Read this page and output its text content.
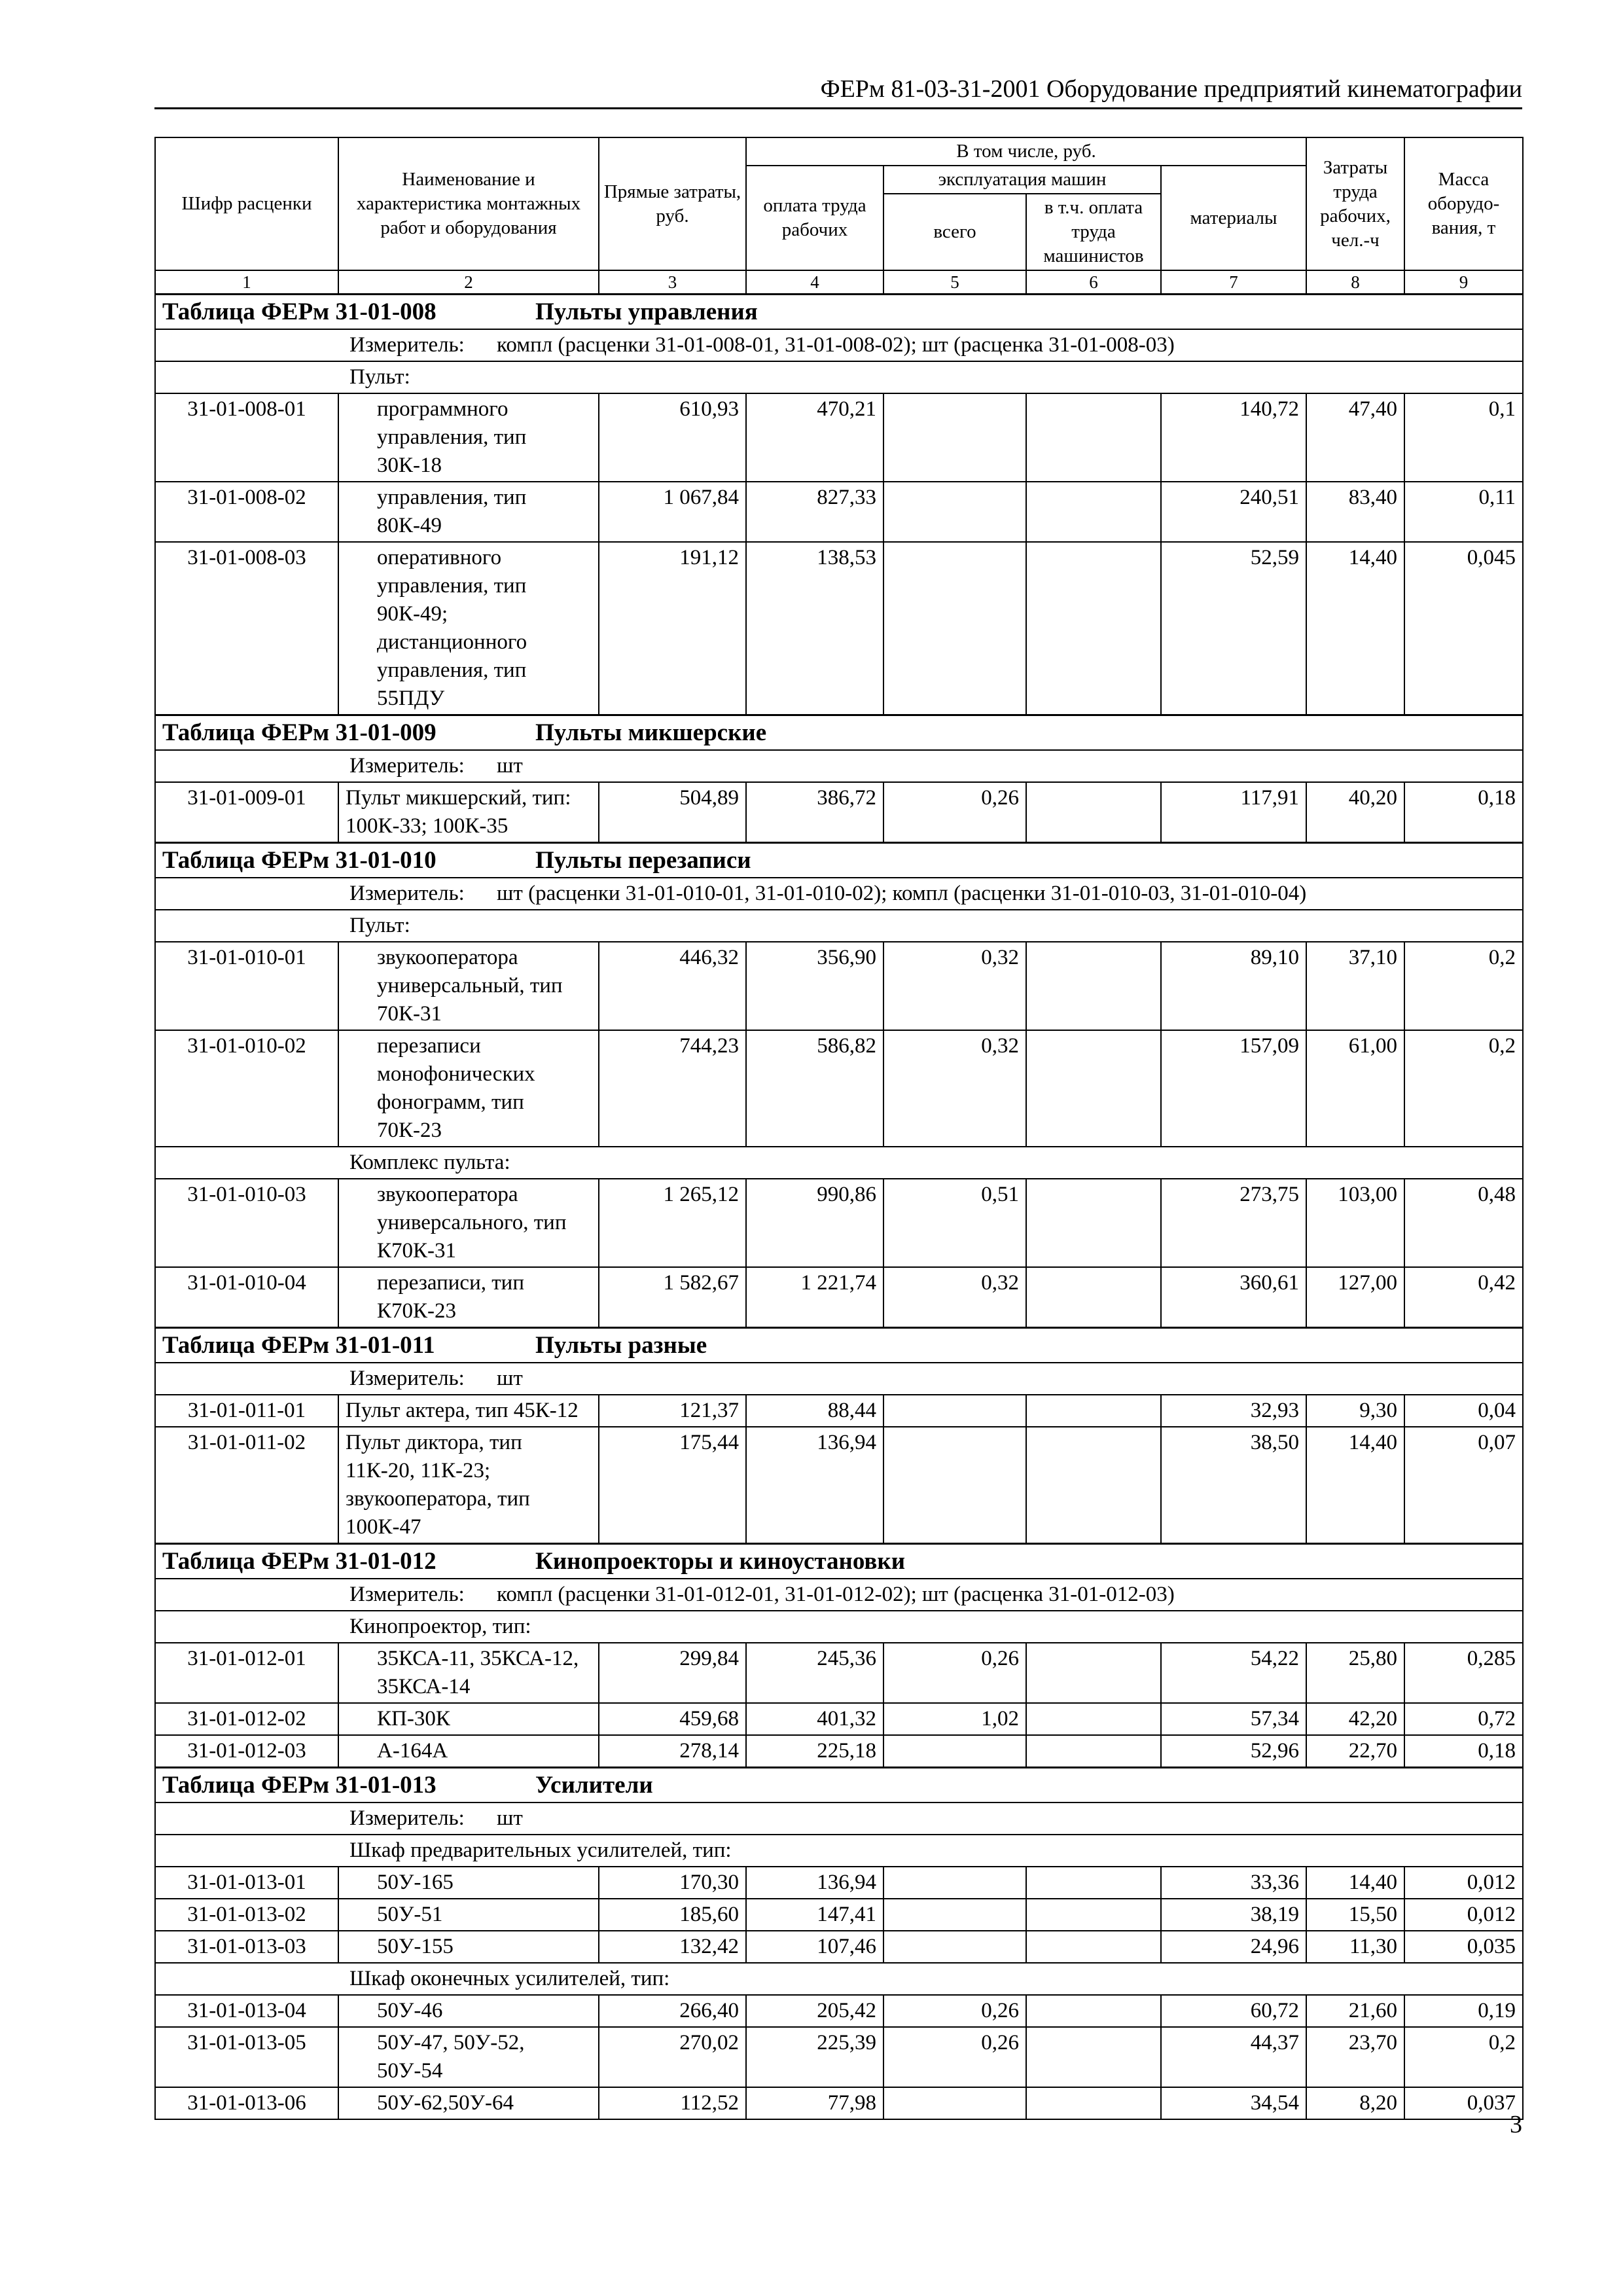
ФЕРм 81-03-31-2001 Оборудование предприятий кинематографии
Шифр расценки	Наименование и характеристика монтажных работ и оборудования	Прямые затраты, руб.	В том числе, руб.				Затраты труда рабочих, чел.-ч	Масса оборудо-вания, т
			оплата труда рабочих	эксплуатация машин		материалы		
				всего	в т.ч. оплата труда машинистов			
1	2	3	4	5	6	7	8	9
Таблица ФЕРм 31-01-008 Пульты управления								
Измеритель: компл (расценки 31-01-008-01, 31-01-008-02); шт (расценка 31-01-008-03)								
Пульт:								
31-01-008-01	программного управления, тип 30К-18	610,93	470,21			140,72	47,40	0,1
31-01-008-02	управления, тип 80К-49	1 067,84	827,33			240,51	83,40	0,11
31-01-008-03	оперативного управления, тип 90К-49; дистанционного управления, тип 55ПДУ	191,12	138,53			52,59	14,40	0,045
Таблица ФЕРм 31-01-009 Пульты микшерские								
Измеритель: шт								
31-01-009-01	Пульт микшерский, тип: 100К-33; 100К-35	504,89	386,72	0,26		117,91	40,20	0,18
Таблица ФЕРм 31-01-010 Пульты перезаписи								
Измеритель: шт (расценки 31-01-010-01, 31-01-010-02); компл (расценки 31-01-010-03, 31-01-010-04)								
Пульт:								
31-01-010-01	звукооператора универсальный, тип 70К-31	446,32	356,90	0,32		89,10	37,10	0,2
31-01-010-02	перезаписи монофонических фонограмм, тип 70К-23	744,23	586,82	0,32		157,09	61,00	0,2
Комплекс пульта:								
31-01-010-03	звукооператора универсального, тип К70К-31	1 265,12	990,86	0,51		273,75	103,00	0,48
31-01-010-04	перезаписи, тип К70К-23	1 582,67	1 221,74	0,32		360,61	127,00	0,42
Таблица ФЕРм 31-01-011 Пульты разные								
Измеритель: шт								
31-01-011-01	Пульт актера, тип 45К-12	121,37	88,44			32,93	9,30	0,04
31-01-011-02	Пульт диктора, тип 11К-20, 11К-23; звукооператора, тип 100К-47	175,44	136,94			38,50	14,40	0,07
Таблица ФЕРм 31-01-012 Кинопроекторы и киноустановки								
Измеритель: компл (расценки 31-01-012-01, 31-01-012-02); шт (расценка 31-01-012-03)								
Кинопроектор, тип:								
31-01-012-01	35КСА-11, 35КСА-12, 35КСА-14	299,84	245,36	0,26		54,22	25,80	0,285
31-01-012-02	КП-30К	459,68	401,32	1,02		57,34	42,20	0,72
31-01-012-03	А-164А	278,14	225,18			52,96	22,70	0,18
Таблица ФЕРм 31-01-013 Усилители								
Измеритель: шт								
Шкаф предварительных усилителей, тип:								
31-01-013-01	50У-165	170,30	136,94			33,36	14,40	0,012
31-01-013-02	50У-51	185,60	147,41			38,19	15,50	0,012
31-01-013-03	50У-155	132,42	107,46			24,96	11,30	0,035
Шкаф оконечных усилителей, тип:								
31-01-013-04	50У-46	266,40	205,42	0,26		60,72	21,60	0,19
31-01-013-05	50У-47, 50У-52, 50У-54	270,02	225,39	0,26		44,37	23,70	0,2
31-01-013-06	50У-62,50У-64	112,52	77,98			34,54	8,20	0,037
3
